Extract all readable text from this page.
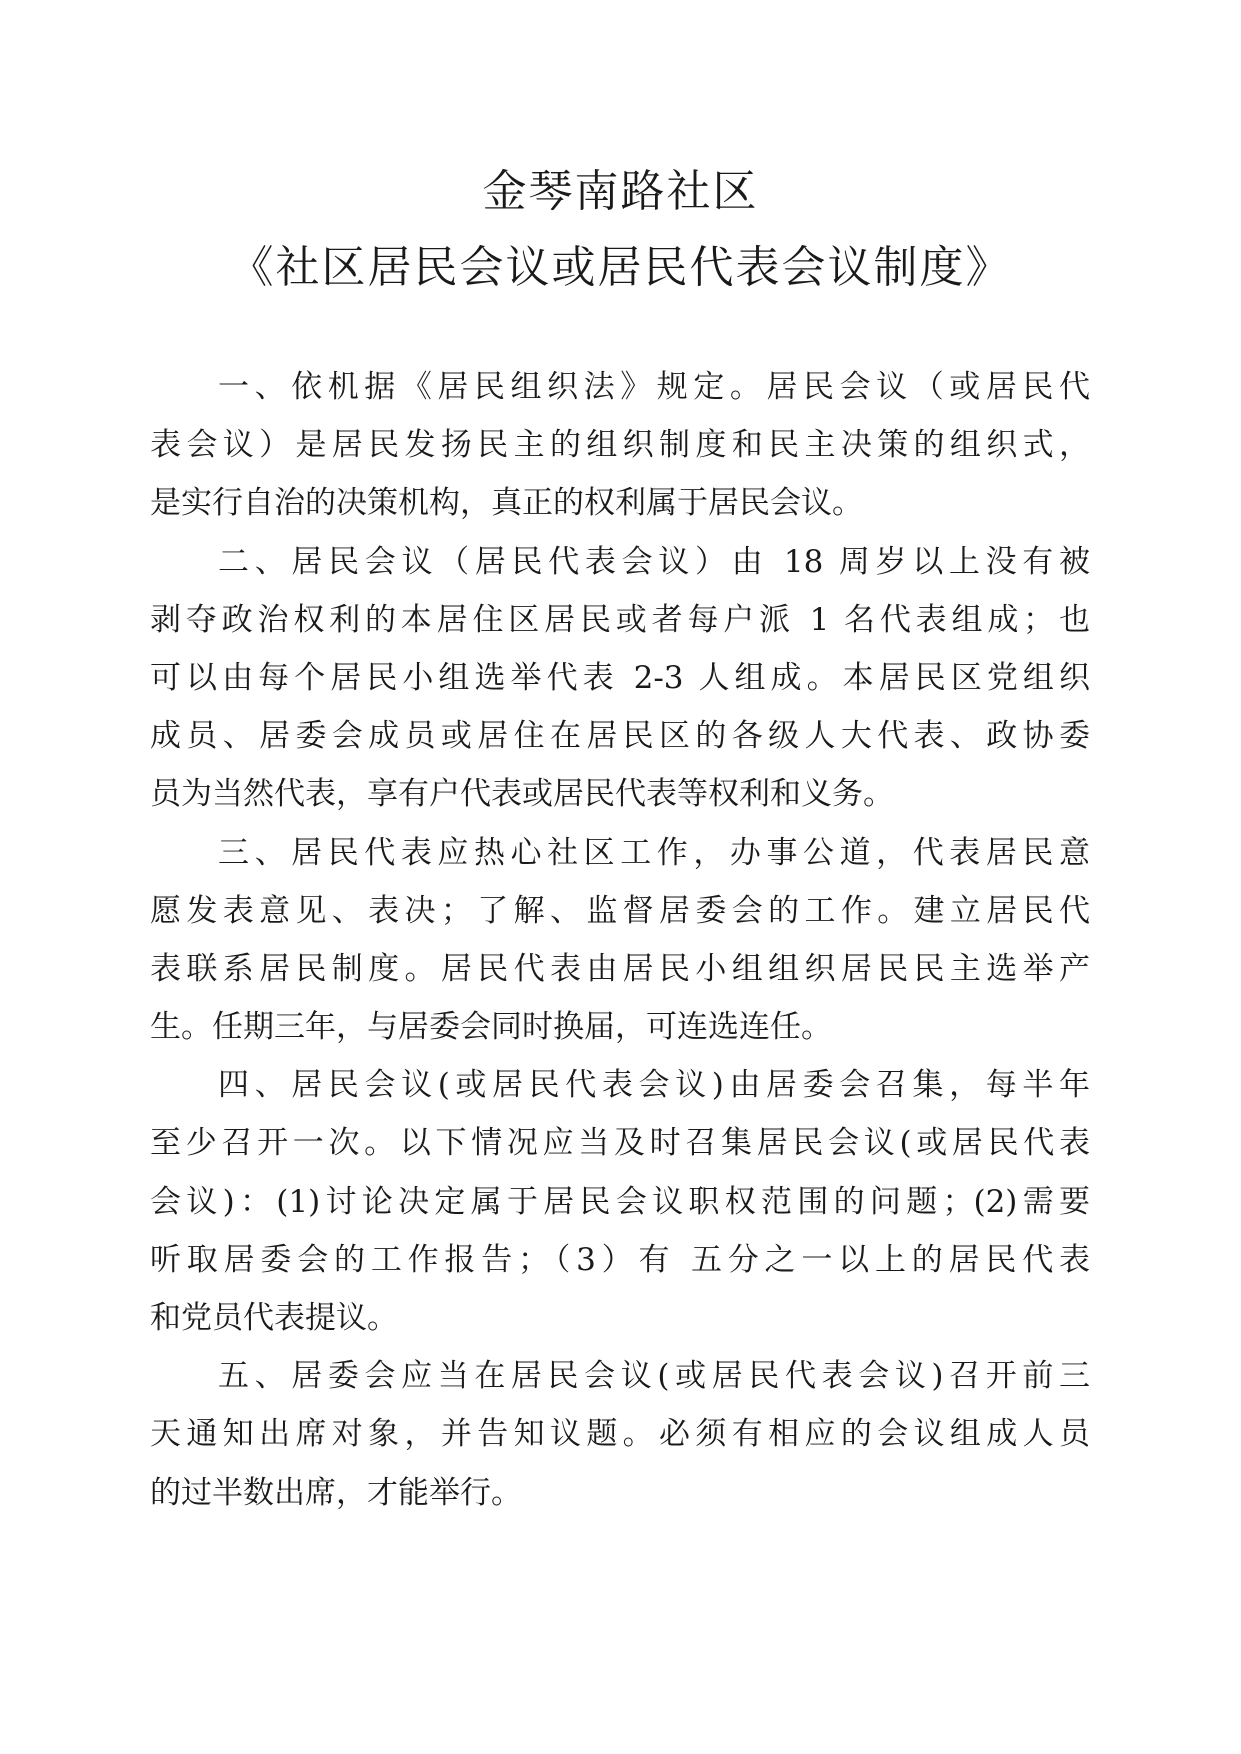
金琴南路社区
《社区居民会议或居民代表会议制度》

一、依机据《居民组织法》规定。居民会议（或居民代
表会议）是居民发扬民主的组织制度和民主决策的组织式，
是实行自治的决策机构，真正的权利属于居民会议。

二、居民会议（居民代表会议）由 18 周岁以上没有被
剥夺政治权利的本居住区居民或者每户派 1 名代表组成；也
可以由每个居民小组选举代表 2-3 人组成。本居民区党组织
成员、居委会成员或居住在居民区的各级人大代表、政协委
员为当然代表，享有户代表或居民代表等权利和义务。

三、居民代表应热心社区工作，办事公道，代表居民意
愿发表意见、表决；了解、监督居委会的工作。建立居民代
表联系居民制度。居民代表由居民小组组织居民民主选举产
生。任期三年，与居委会同时换届，可连选连任。

四、居民会议(或居民代表会议)由居委会召集，每半年
至少召开一次。以下情况应当及时召集居民会议(或居民代表
会议)：(1)讨论决定属于居民会议职权范围的问题；(2)需要
听取居委会的工作报告；（3）有 五分之一以上的居民代表
和党员代表提议。

五、居委会应当在居民会议(或居民代表会议)召开前三
天通知出席对象，并告知议题。必须有相应的会议组成人员
的过半数出席，才能举行。
